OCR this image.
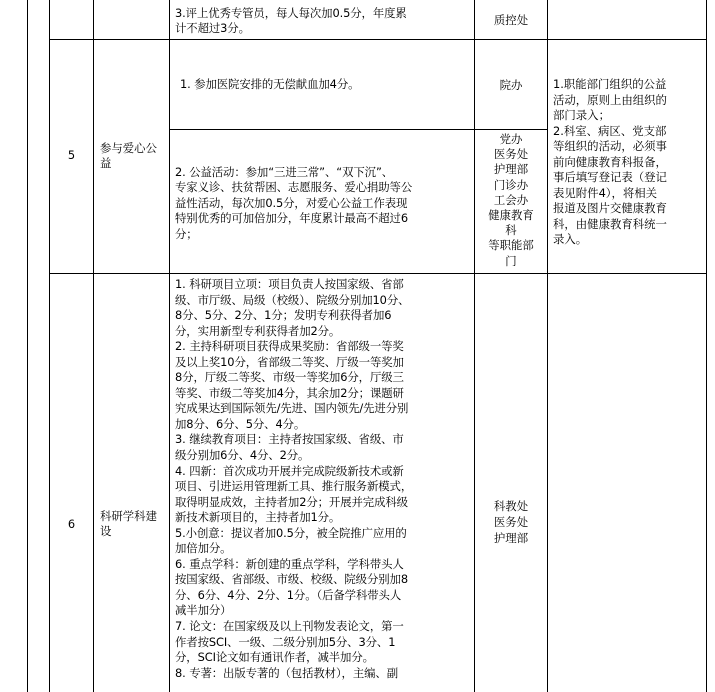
3.评上优秀专管员，每人每次加0.5分，年度累
计不超过3分。
质控处
5	参与爱心公益
1. 参加医院安排的无偿献血加4分。	院办
2. 公益活动：参加“三进三常”、“双下沉”、
专家义诊、扶贫帮困、志愿服务、爱心捐助等公
益性活动，每次加0.5分，对爱心公益工作表现
特别优秀的可加倍加分，年度累计最高不超过6
分；
党办
医务处
护理部
门诊办
工会办
健康教育
科
等职能部
门
1.职能部门组织的公益
活动，原则上由组织的
部门录入；
2.科室、病区、党支部
等组织的活动，必须事
前向健康教育科报备，
事后填写登记表（登记
表见附件4），将相关
报道及图片交健康教育
科，由健康教育科统一
录入。
6
科研学科建设
1. 科研项目立项：项目负责人按国家级、省部
级、市厅级、局级（校级）、院级分别加10分、
8分、5分、2分、1分；发明专利获得者加6
分，实用新型专利获得者加2分。
2. 主持科研项目获得成果奖励：省部级一等奖
及以上奖10分，省部级二等奖、厅级一等奖加
8分，厅级二等奖、市级一等奖加6分，厅级三
等奖、市级二等奖加4分，其余加2分；课题研
究成果达到国际领先/先进、国内领先/先进分别
加8分、6分、5分、4分。
3. 继续教育项目：主持者按国家级、省级、市
级分别加6分、4分、2分。
4. 四新：首次成功开展并完成院级新技术或新
项目、引进运用管理新工具、推行服务新模式，
取得明显成效，主持者加2分；开展并完成科级
新技术新项目的，主持者加1分。
5.小创意：提议者加0.5分，被全院推广应用的
加倍加分。
6. 重点学科：新创建的重点学科，学科带头人
按国家级、省部级、市级、校级、院级分别加8
分、6分、4分、2分、1分。（后备学科带头人
减半加分）
7. 论文：在国家级及以上刊物发表论文，第一
作者按SCI、一级、二级分别加5分、3分、1
分，SCI论文如有通讯作者，减半加分。
8. 专著：出版专著的（包括教材），主编、副
科教处
医务处
护理部
